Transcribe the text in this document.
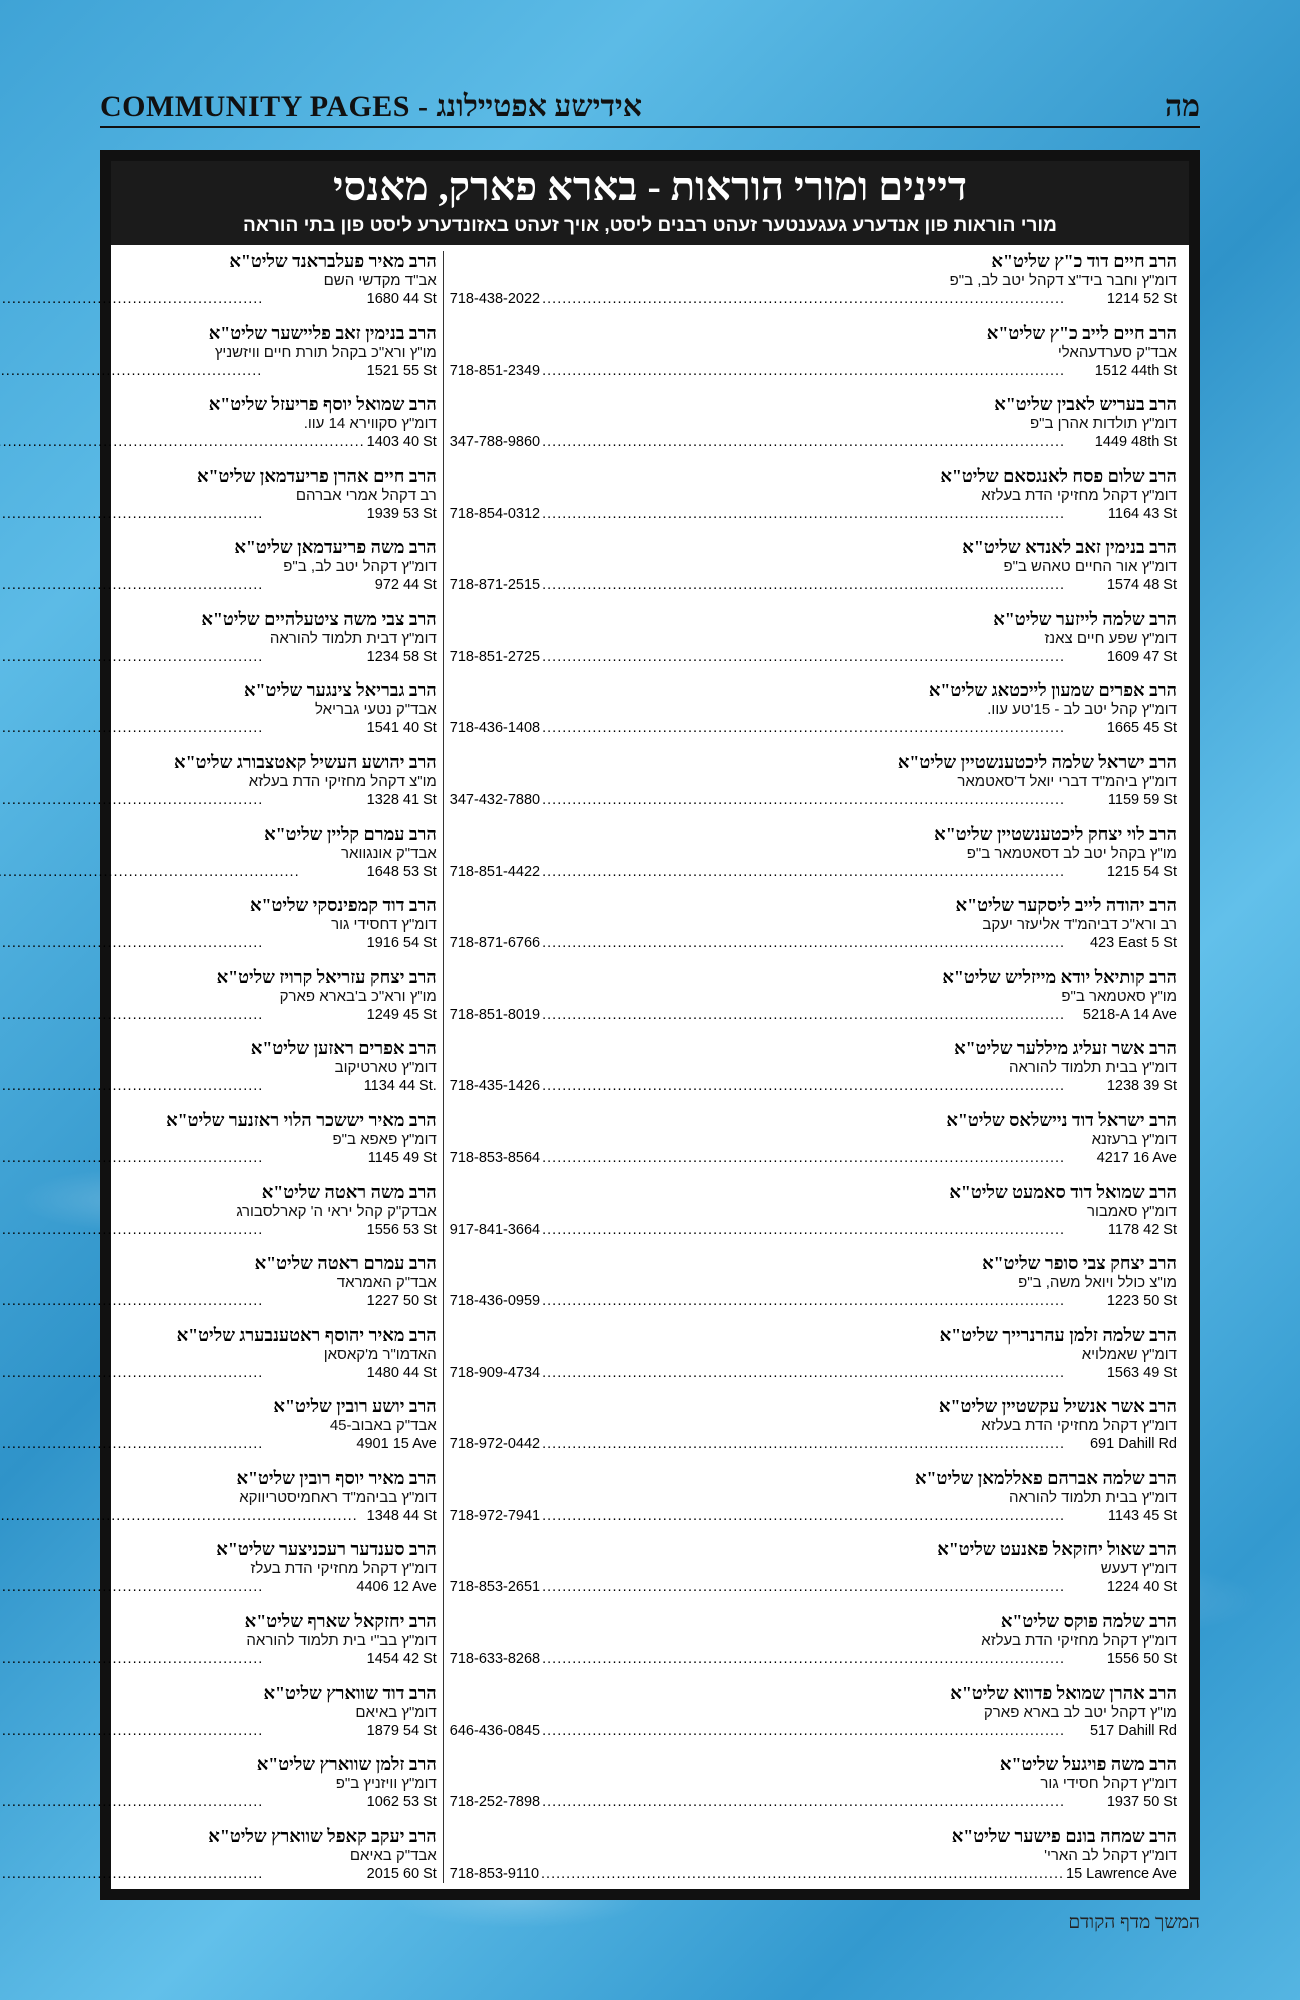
COMMUNITY PAGES - אידישע אפטײלונג	מה
דיינים ומורי הוראות - בארא פארק, מאנסי
מורי הוראות פון אנדערע געגענטער זעהט רבנים ליסט, אויך זעהט באזונדערע ליסט פון בתי הוראה
הרב חיים דוד כ"ץ שליט"א
דומ"ץ וחבר ביד"צ דקהל יטב לב, ב"פ
718-438-2022 .....	1214 52 St
הרב חיים לייב כ"ץ שליט"א
אבד"ק סערדעהאלי
718-851-2349 .....	1512 44th St
הרב בעריש לאבין שליט"א
דומ"ץ תולדות אהרן ב"פ
347-788-9860 .....	1449 48th St
הרב שלום פסח לאנגסאם שליט"א
דומ"ץ דקהל מחזיקי הדת בעלזא
718-854-0312 .....	1164 43 St
הרב בנימין זאב לאנדא שליט"א
דומ"ץ אור החיים טאהש ב"פ
718-871-2515 .....	1574 48 St
הרב שלמה לייזער שליט"א
דומ"ץ שפע חיים צאנז
718-851-2725 .....	1609 47 St
הרב אפרים שמעון לייכטאג שליט"א
דומ"ץ קהל יטב לב - 15'טע עוו.
718-436-1408 .....	1665 45 St
הרב ישראל שלמה ליכטענשטיין שליט"א
דומ"ץ ביהמ"ד דברי יואל ד'סאטמאר
347-432-7880 .....	1159 59 St
הרב לוי יצחק ליכטענשטיין שליט"א
מו"ץ בקהל יטב לב דסאטמאר ב"פ
718-851-4422 .....	1215 54 St
הרב יהודה לייב ליסקער שליט"א
רב ורא"כ דביהמ"ד אליעזר יעקב
718-871-6766 .....	423 East 5 St
הרב קותיאל יודא מייזליש שליט"א
מו"ץ סאטמאר ב"פ
718-851-8019 .....	5218-A 14 Ave
הרב אשר זעליג מיללער שליט"א
דומ"ץ בבית תלמוד להוראה
718-435-1426 .....	1238 39 St
הרב ישראל דוד ניישלאס שליט"א
דומ"ץ ברעזנא
718-853-8564 .....	4217 16 Ave
הרב שמואל דוד סאמעט שליט"א
דומ"ץ סאמבור
917-841-3664 .....	1178 42 St
הרב יצחק צבי סופר שליט"א
מו"צ כולל ויואל משה, ב"פ
718-436-0959 .....	1223 50 St
הרב שלמה זלמן עהרנרייך שליט"א
דומ"ץ שאמלויא
718-909-4734 .....	1563 49 St
הרב אשר אנשיל עקשטיין שליט"א
דומ"ץ דקהל מחזיקי הדת בעלזא
718-972-0442 .....	691 Dahill Rd
הרב שלמה אברהם פאללמאן שליט"א
דומ"ץ בבית תלמוד להוראה
718-972-7941 .....	1143 45 St
הרב שאול יחזקאל פאנעט שליט"א
דומ"ץ דעעש
718-853-2651 .....	1224 40 St
הרב שלמה פוקס שליט"א
דומ"ץ דקהל מחזיקי הדת בעלזא
718-633-8268 .....	1556 50 St
הרב אהרן שמואל פדווא שליט"א
מו"ץ דקהל יטב לב בארא פארק
646-436-0845 .....	517 Dahill Rd
הרב משה פויגעל שליט"א
דומ"ץ דקהל חסידי גור
718-252-7898 .....	1937 50 St
הרב שמחה בונם פישער שליט"א
דומ"ץ דקהל לב הארי'
718-853-9110 .....	15 Lawrence Ave
הרב מאיר פעלבראנד שליט"א
אב"ד מקדשי השם
.....
1680 44 St
הרב בנימין זאב פליישער שליט"א
מו"ץ ורא"כ בקהל תורת חיים וויזשניץ
.....
1521 55 St
הרב שמואל יוסף פריעזל שליט"א
דומ"ץ סקווירא 14 עוו.
.....
1403 40 St
הרב חיים אהרן פריעדמאן שליט"א
רב דקהל אמרי אברהם
.....
1939 53 St
הרב משה פריעדמאן שליט"א
דומ"ץ דקהל יטב לב, ב"פ
.....
972 44 St
הרב צבי משה ציטעלהיים שליט"א
דומ"ץ דבית תלמוד להוראה
.....
1234 58 St
הרב גבריאל צינגער שליט"א
אבד"ק נטעי גבריאל
.....
1541 40 St
הרב יהושע העשיל קאטצבורג שליט"א
מו"צ דקהל מחזיקי הדת בעלזא
.....
1328 41 St
הרב עמרם קליין שליט"א
אבד"ק אונגוואר
.....
1648 53 St
הרב דוד קמפינסקי שליט"א
דומ"ץ דחסידי גור
.....
1916 54 St
הרב יצחק עזריאל קרויז שליט"א
מו"ץ ורא"כ ב'בארא פארק
.....
1249 45 St
הרב אפרים ראזען שליט"א
דומ"ץ טארטיקוב
.....
1134 44 St.
הרב מאיר יששכר הלוי ראזנער שליט"א
דומ"ץ פאפא ב"פ
.....
1145 49 St
הרב משה ראטה שליט"א
אבדק"ק קהל יראי ה' קארלסבורג
.....
1556 53 St
הרב עמרם ראטה שליט"א
אבד"ק האמראד
.....
1227 50 St
הרב מאיר יהוסף ראטענבערג שליט"א
האדמו"ר מ'קאסאן
.....
1480 44 St
הרב יושע רובין שליט"א
אבד"ק באבוב-45
.....
4901 15 Ave
הרב מאיר יוסף רובין שליט"א
דומ"ץ בביהמ"ד ראחמיסטריווקא
.....
1348 44 St
הרב סענדער רעכניצער שליט"א
דומ"ץ דקהל מחזיקי הדת בעלז
.....
4406 12 Ave
הרב יחזקאל שארף שליט"א
דומ"ץ בב"י בית תלמוד להוראה
.....
1454 42 St
הרב דוד שווארץ שליט"א
דומ"ץ באיאם
.....
1879 54 St
הרב זלמן שווארץ שליט"א
דומ"ץ וויזניץ ב"פ
.....
1062 53 St
הרב יעקב קאפל שווארץ שליט"א
אבד"ק באיאם
.....
2015 60 St
המשך מדף הקודם
